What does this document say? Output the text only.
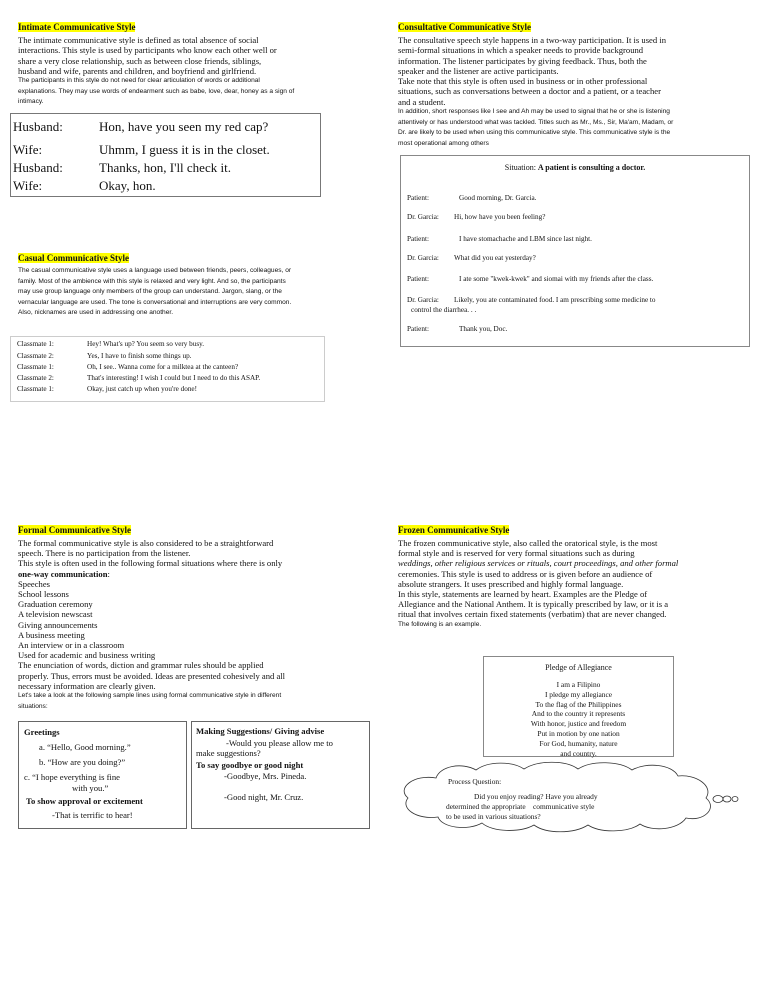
Intimate Communicative Style
The intimate communicative style is defined as total absence of social
interactions. This style is used by participants who know each other well or
share a very close relationship, such as between close friends, siblings,
husband and wife, parents and children, and boyfriend and girlfriend.
The participants in this style do not need for clear articulation of words or additional
explanations. They may use words of endearment such as babe, love, dear, honey as a sign of
intimacy.
Husband:	Hon, have you seen my red cap?
Wife:	Uhmm, I guess it is in the closet.
Husband:	Thanks, hon, I'll check it.
Wife:	Okay, hon.
Casual Communicative Style
The casual communicative style uses a language used between friends, peers, colleagues, or
family. Most of the ambience with this style is relaxed and very light. And so, the participants
may use group language only members of the group can understand. Jargon, slang, or the
vernacular language are used. The tone is conversational and interruptions are very common.
Also, nicknames are used in addressing one another.
Classmate 1:	Hey! What's up? You seem so very busy.
Classmate 2:	Yes, I have to finish some things up.
Classmate 1:	Oh, I see.. Wanna come for a milktea at the canteen?
Classmate 2:	That's interesting! I wish I could but I need to do this ASAP.
Classmate 1:	Okay, just catch up when you're done!
Consultative Communicative Style
The consultative speech style happens in a two-way participation. It is used in
semi-formal situations in which a speaker needs to provide background
information. The listener participates by giving feedback. Thus, both the
speaker and the listener are active participants.
Take note that this style is often used in business or in other professional
situations, such as conversations between a doctor and a patient, or a teacher
and a student.
In addition, short responses like I see and Ah may be used to signal that he or she is listening
attentively or has understood what was tackled. Titles such as Mr., Ms., Sir, Ma'am, Madam, or
Dr. are likely to be used when using this communicative style. This communicative style is the
most operational among others
Situation: A patient is consulting a doctor.
Patient:	Good morning, Dr. Garcia.
Dr. Garcia: Hi, how have you been feeling?
Patient:	I have stomachache and LBM since last night.
Dr. Garcia: What did you eat yesterday?
Patient:	I ate some "kwek-kwek" and siomai with my friends after the class.
Dr. Garcia: Likely, you ate contaminated food. I am prescribing some medicine to
control the diarrhea. . .
Patient:	Thank you, Doc.
Formal Communicative Style
The formal communicative style is also considered to be a straightforward
speech. There is no participation from the listener.
This style is often used in the following formal situations where there is only
one-way communication:
Speeches
School lessons
Graduation ceremony
A television newscast
Giving announcements
A business meeting
An interview or in a classroom
Used for academic and business writing
The enunciation of words, diction and grammar rules should be applied
properly. Thus, errors must be avoided. Ideas are presented cohesively and all
necessary information are clearly given.
Let's take a look at the following sample lines using formal communicative style in different
situations:
Greetings
a. “Hello, Good morning.”
b. “How are you doing?”
c. “I hope everything is fine
with you.”
To show approval or excitement
-That is terrific to hear!
Making Suggestions/ Giving advise
-Would you please allow me to
make suggestions?
To say goodbye or good night
-Goodbye, Mrs. Pineda.
-Good night, Mr. Cruz.
Frozen Communicative Style
The frozen communicative style, also called the oratorical style, is the most
formal style and is reserved for very formal situations such as during
weddings, other religious services or rituals, court proceedings, and other formal
ceremonies. This style is used to address or is given before an audience of
absolute strangers. It uses prescribed and highly formal language.
In this style, statements are learned by heart. Examples are the Pledge of
Allegiance and the National Anthem. It is typically prescribed by law, or it is a
ritual that involves certain fixed statements (verbatim) that are never changed.
The following is an example.
Pledge of Allegiance
I am a Filipino
I pledge my allegiance
To the flag of the Philippines
And to the country it represents
With honor, justice and freedom
Put in motion by one nation
For God, humanity, nature
and country.
Process Question:
Did you enjoy reading? Have you already
determined the appropriate    communicative style
to be used in various situations?
